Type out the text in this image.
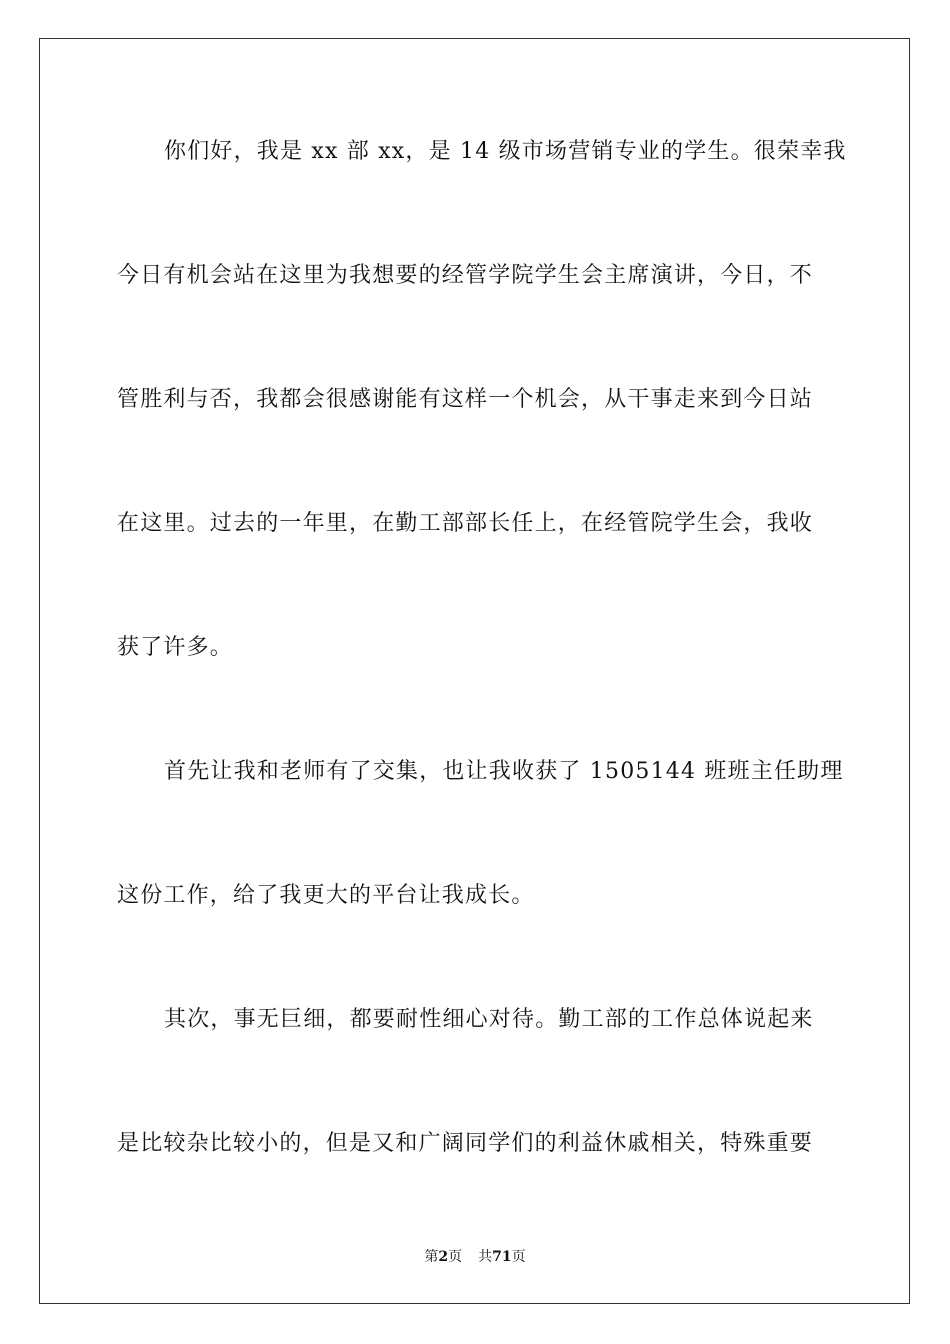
你们好，我是 xx 部 xx，是 14 级市场营销专业的学生。很荣幸我
今日有机会站在这里为我想要的经管学院学生会主席演讲，今日，不
管胜利与否，我都会很感谢能有这样一个机会，从干事走来到今日站
在这里。过去的一年里，在勤工部部长任上，在经管院学生会，我收
获了许多。
首先让我和老师有了交集，也让我收获了 1505144 班班主任助理
这份工作，给了我更大的平台让我成长。
其次，事无巨细，都要耐性细心对待。勤工部的工作总体说起来
是比较杂比较小的，但是又和广阔同学们的利益休戚相关，特殊重要
第2页 共71页
